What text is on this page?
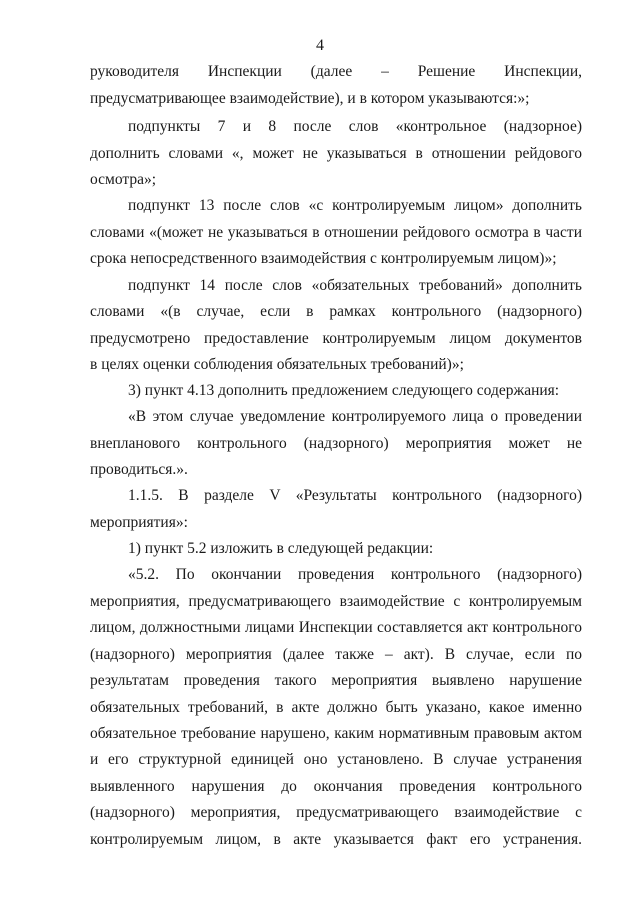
4
руководителя Инспекции (далее – Решение Инспекции,
предусматривающее взаимодействие), и в котором указываются:»;
подпункты 7 и 8 после слов «контрольное (надзорное)
дополнить словами «, может не указываться в отношении рейдового
осмотра»;
подпункт 13 после слов «с контролируемым лицом» дополнить
словами «(может не указываться в отношении рейдового осмотра в части
срока непосредственного взаимодействия с контролируемым лицом)»;
подпункт 14 после слов «обязательных требований» дополнить
словами «(в случае, если в рамках контрольного (надзорного)
предусмотрено предоставление контролируемым лицом документов
в целях оценки соблюдения обязательных требований)»;
3) пункт 4.13 дополнить предложением следующего содержания:
«В этом случае уведомление контролируемого лица о проведении
внепланового контрольного (надзорного) мероприятия может не
проводиться.».
1.1.5. В разделе V «Результаты контрольного (надзорного)
мероприятия»:
1) пункт 5.2 изложить в следующей редакции:
«5.2. По окончании проведения контрольного (надзорного)
мероприятия, предусматривающего взаимодействие с контролируемым
лицом, должностными лицами Инспекции составляется акт контрольного
(надзорного) мероприятия (далее также – акт). В случае, если по
результатам проведения такого мероприятия выявлено нарушение
обязательных требований, в акте должно быть указано, какое именно
обязательное требование нарушено, каким нормативным правовым актом
и его структурной единицей оно установлено. В случае устранения
выявленного нарушения до окончания проведения контрольного
(надзорного) мероприятия, предусматривающего взаимодействие с
контролируемым лицом, в акте указывается факт его устранения.
